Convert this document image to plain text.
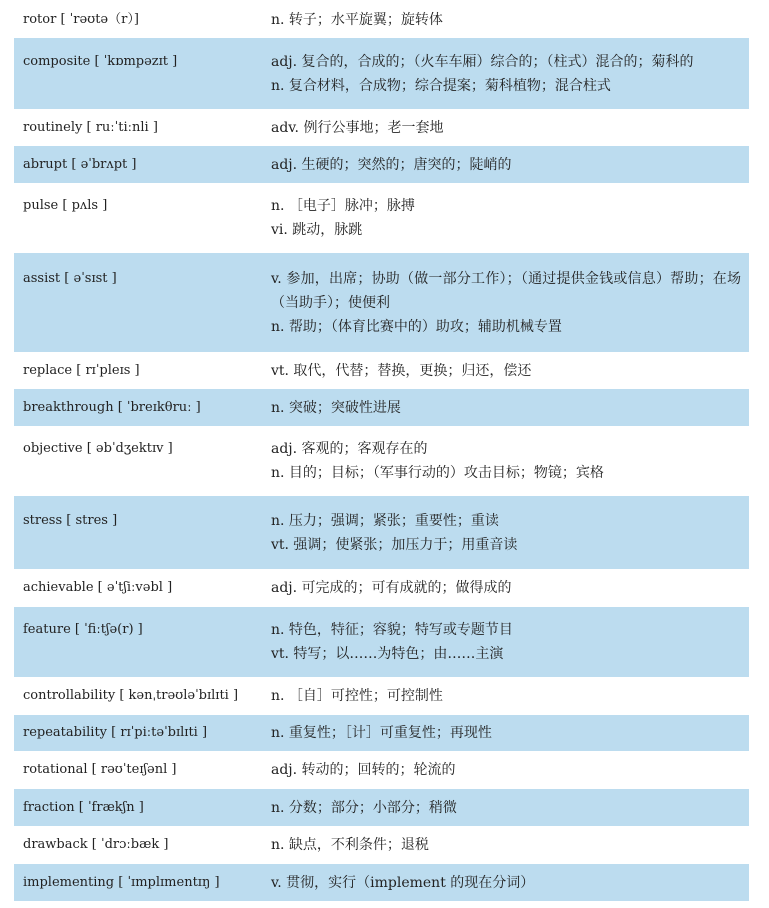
rotor [ ˈrəʊtə（r）]	n. 转子；水平旋翼；旋转体
composite [ ˈkɒmpəzɪt ]	adj. 复合的，合成的；（火车车厢）综合的；（柱式）混合的；菊科的
n. 复合材料，合成物；综合提案；菊科植物；混合柱式
routinely [ ruːˈtiːnli ]	adv. 例行公事地；老一套地
abrupt [ əˈbrʌpt ]	adj. 生硬的；突然的；唐突的；陡峭的
pulse [ pʌls ]	n. ［电子］脉冲；脉搏
vi. 跳动，脉跳
assist [ əˈsɪst ]	v. 参加，出席；协助（做一部分工作）；（通过提供金钱或信息）帮助；在场（当助手）；使便利
n. 帮助；（体育比赛中的）助攻；辅助机械专置
replace [ rɪˈpleɪs ]	vt. 取代，代替；替换，更换；归还，偿还
breakthrough [ ˈbreɪkθruː ]	n. 突破；突破性进展
objective [ əbˈdʒektɪv ]	adj. 客观的；客观存在的
n. 目的；目标；（军事行动的）攻击目标；物镜；宾格
stress [ stres ]	n. 压力；强调；紧张；重要性；重读
vt. 强调；使紧张；加压力于；用重音读
achievable [ əˈtʃiːvəbl ]	adj. 可完成的；可有成就的；做得成的
feature [ ˈfiːtʃə(r) ]	n. 特色，特征；容貌；特写或专题节目
vt. 特写；以……为特色；由……主演
controllability [ kənˌtrəʊləˈbɪlɪti ]	n. ［自］可控性；可控制性
repeatability [ rɪˈpiːtəˈbɪlɪti ]	n. 重复性；［计］可重复性；再现性
rotational [ rəʊˈteɪʃənl ]	adj. 转动的；回转的；轮流的
fraction [ ˈfrækʃn ]	n. 分数；部分；小部分；稍微
drawback [ ˈdrɔːbæk ]	n. 缺点，不利条件；退税
implementing [ ˈɪmplɪmentɪŋ ]	v. 贯彻，实行（implement 的现在分词）
